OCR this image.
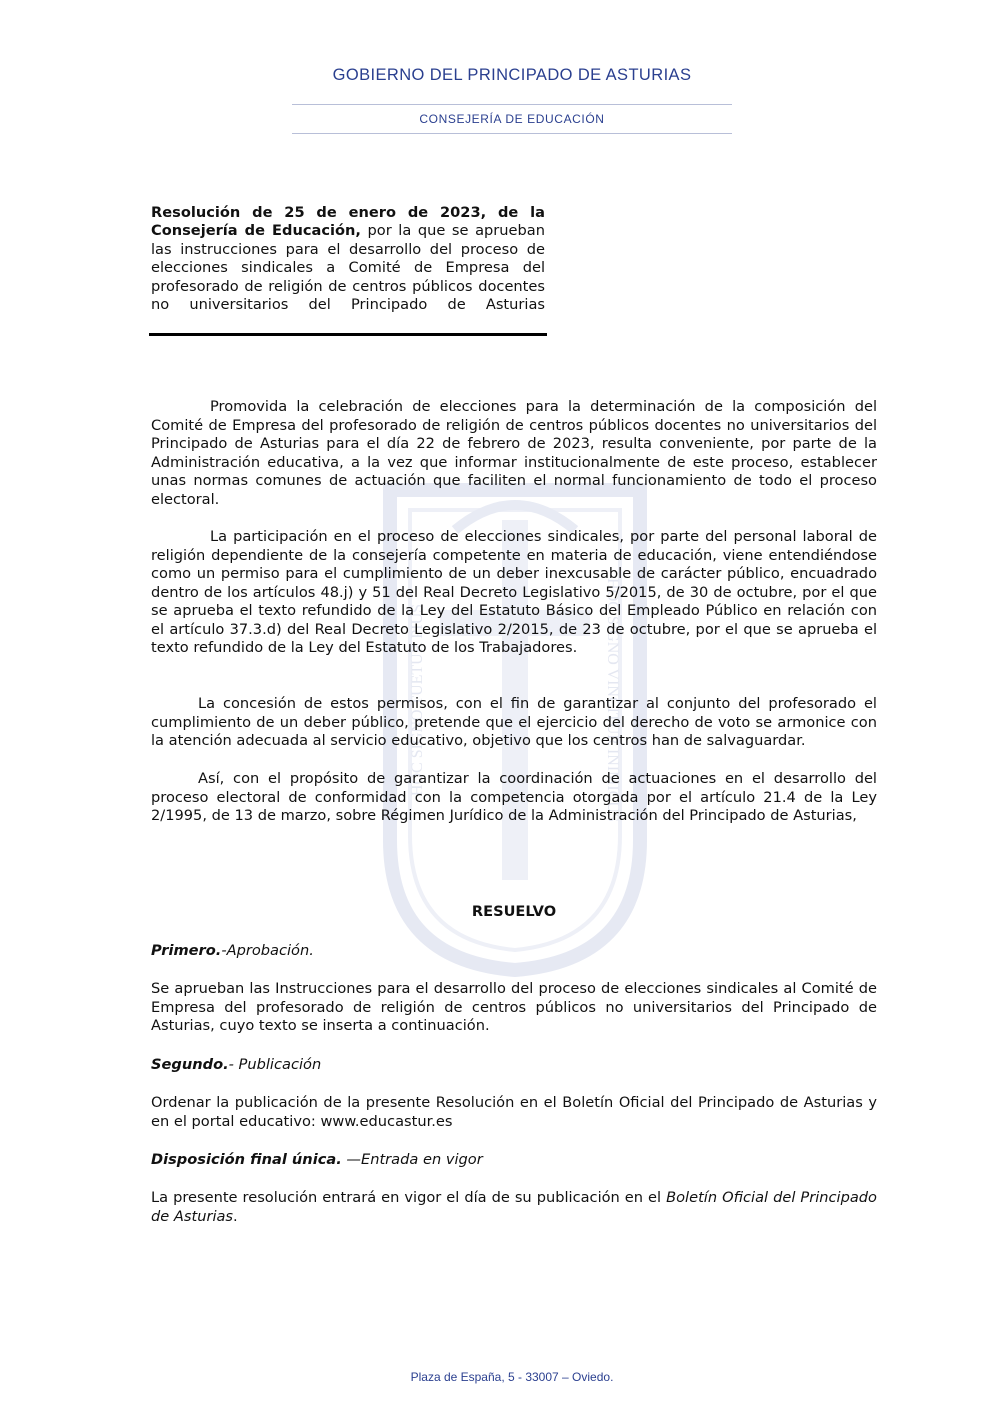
GOBIERNO DEL PRINCIPADO DE ASTURIAS
CONSEJERÍA DE EDUCACIÓN
HOC SIGNO TUETUR PIUS	HOC SIGNO VINCITUR INIMICUS
Resolución de 25 de enero de 2023, de la Consejería de Educación, por la que se aprueban las instrucciones para el desarrollo del proceso de elecciones sindicales a Comité de Empresa del profesorado de religión de centros públicos docentes no universitarios del Principado de Asturias

Promovida la celebración de elecciones para la determinación de la composición del Comité de Empresa del profesorado de religión de centros públicos docentes no universitarios del Principado de Asturias para el día 22 de febrero de 2023, resulta conveniente, por parte de la Administración educativa, a la vez que informar institucionalmente de este proceso, establecer unas normas comunes de actuación que faciliten el normal funcionamiento de todo el proceso electoral.

La participación en el proceso de elecciones sindicales, por parte del personal laboral de religión dependiente de la consejería competente en materia de educación, viene entendiéndose como un permiso para el cumplimiento de un deber inexcusable de carácter público, encuadrado dentro de los artículos 48.j) y 51 del Real Decreto Legislativo 5/2015, de 30 de octubre, por el que se aprueba el texto refundido de la Ley del Estatuto Básico del Empleado Público en relación con el artículo 37.3.d) del Real Decreto Legislativo 2/2015, de 23 de octubre, por el que se aprueba el texto refundido de la Ley del Estatuto de los Trabajadores.

La concesión de estos permisos, con el fin de garantizar al conjunto del profesorado el cumplimiento de un deber público, pretende que el ejercicio del derecho de voto se armonice con la atención adecuada al servicio educativo, objetivo que los centros han de salvaguardar.

Así, con el propósito de garantizar la coordinación de actuaciones en el desarrollo del proceso electoral de conformidad con la competencia otorgada por el artículo 21.4 de la Ley 2/1995, de 13 de marzo, sobre Régimen Jurídico de la Administración del Principado de Asturias,

RESUELVO

Primero.-Aprobación.

Se aprueban las Instrucciones para el desarrollo del proceso de elecciones sindicales al Comité de Empresa del profesorado de religión de centros públicos no universitarios del Principado de Asturias, cuyo texto se inserta a continuación.

Segundo.- Publicación

Ordenar la publicación de la presente Resolución en el Boletín Oficial del Principado de Asturias y en el portal educativo: www.educastur.es

Disposición final única. —Entrada en vigor

La presente resolución entrará en vigor el día de su publicación en el Boletín Oficial del Principado de Asturias.

Plaza de España, 5 - 33007 – Oviedo.
